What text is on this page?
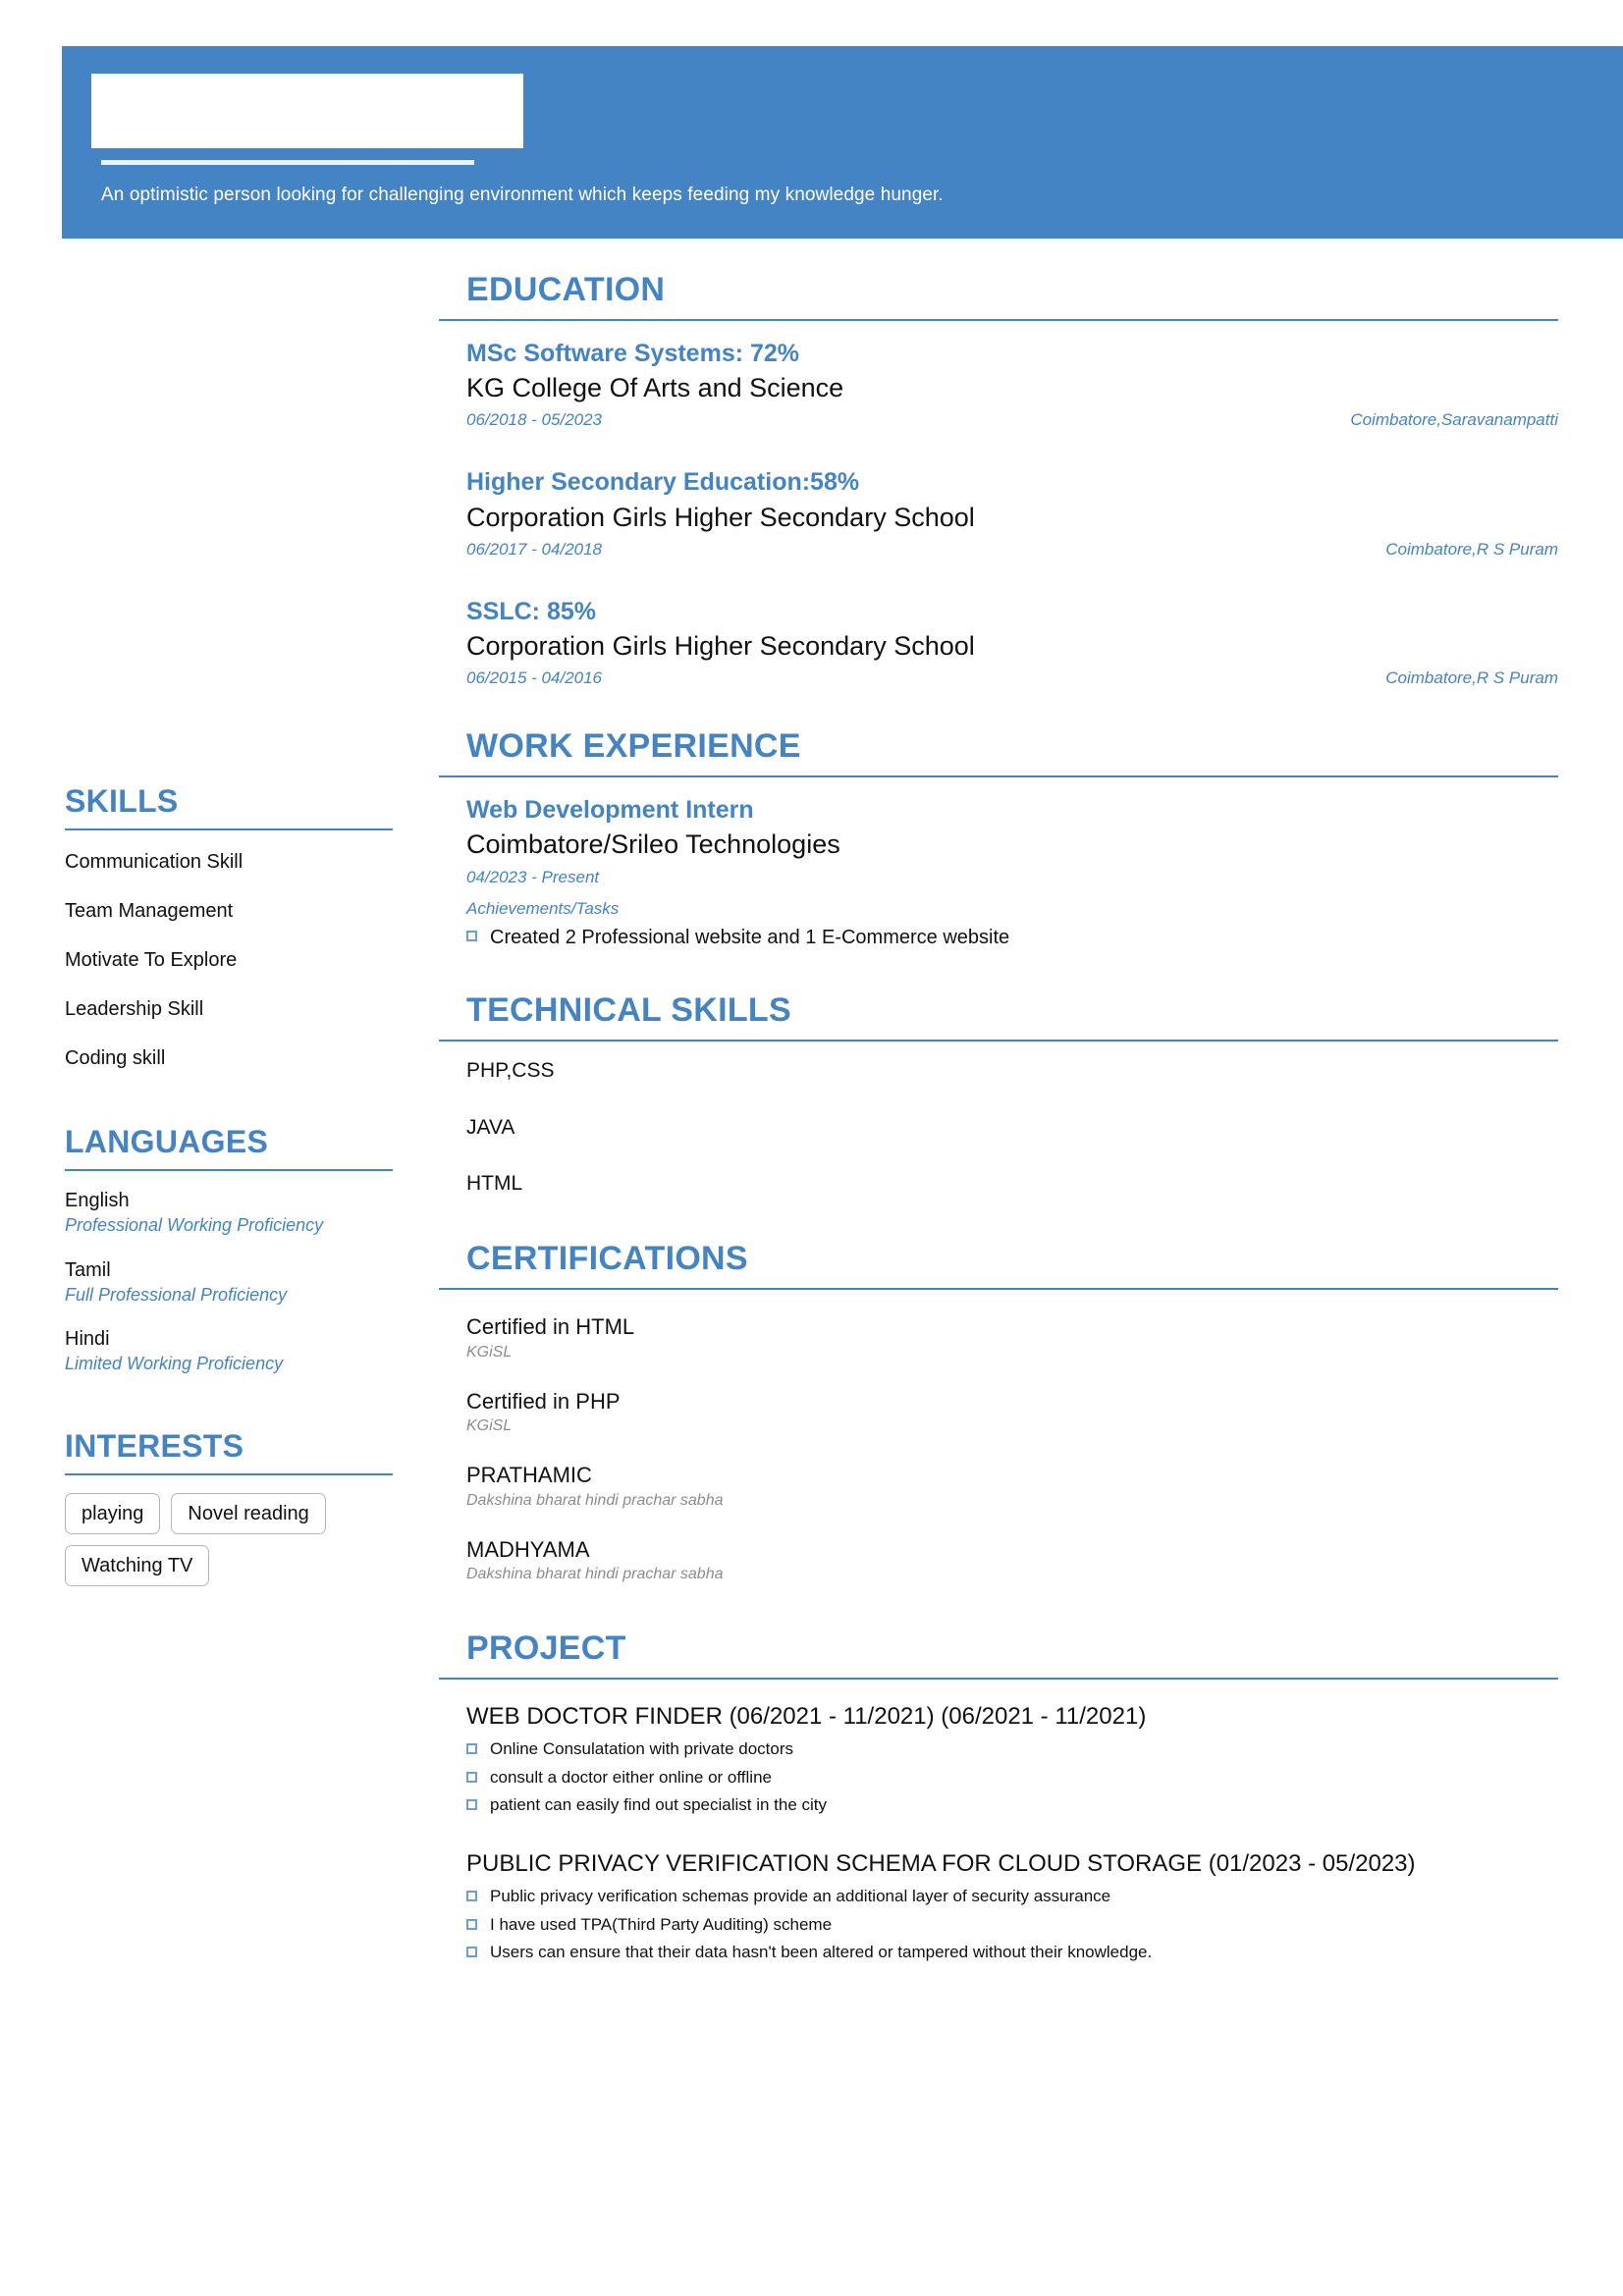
An optimistic person looking for challenging environment which keeps feeding my knowledge hunger.
EDUCATION
MSc Software Systems: 72%
KG College Of Arts and Science
06/2018 - 05/2023	Coimbatore,Saravanampatti
Higher Secondary Education:58%
Corporation Girls Higher Secondary School
06/2017 - 04/2018	Coimbatore,R S Puram
SSLC: 85%
Corporation Girls Higher Secondary School
06/2015 - 04/2016	Coimbatore,R S Puram
WORK EXPERIENCE
Web Development Intern
Coimbatore/Srileo Technologies
04/2023 - Present
Achievements/Tasks
Created 2 Professional website and 1 E-Commerce website
TECHNICAL SKILLS
PHP,CSS
JAVA
HTML
CERTIFICATIONS
Certified in HTML
KGiSL
Certified in PHP
KGiSL
PRATHAMIC
Dakshina bharat hindi prachar sabha
MADHYAMA
Dakshina bharat hindi prachar sabha
PROJECT
WEB DOCTOR FINDER (06/2021 - 11/2021) (06/2021 - 11/2021)
Online Consulatation with private doctors
consult a doctor either online or offline
patient can easily find out specialist in the city
PUBLIC PRIVACY VERIFICATION SCHEMA FOR CLOUD STORAGE (01/2023 - 05/2023)
Public privacy verification schemas provide an additional layer of security assurance
I have used TPA(Third Party Auditing) scheme
Users can ensure that their data hasn't been altered or tampered without their knowledge.
SKILLS
Communication Skill
Team Management
Motivate To Explore
Leadership Skill
Coding skill
LANGUAGES
English
Professional Working Proficiency
Tamil
Full Professional Proficiency
Hindi
Limited Working Proficiency
INTERESTS
playing	Novel reading
Watching TV
